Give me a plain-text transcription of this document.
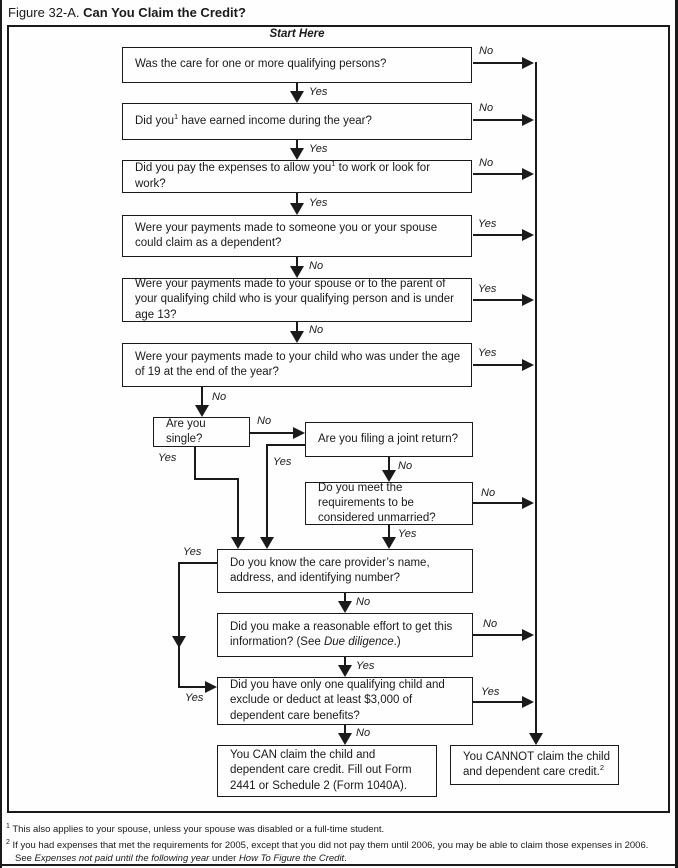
Figure 32-A. Can You Claim the Credit?
Start Here
Was the care for one or more qualifying persons?
Did you$^1$ have earned income during the year?
Did you pay the expenses to allow you$^1$ to work or look for work?
Were your payments made to someone you or your spouse could claim as a dependent?
Were your payments made to your spouse or to the parent of your qualifying child who is your qualifying person and is under age 13?
Were your payments made to your child who was under the age of 19 at the end of the year?
Are you single?	Are you filing a joint return?
Do you meet the requirements to be considered unmarried?
Do you know the care provider’s name, address, and identifying number?
Did you make a reasonable effort to get this information? (See Due diligence.)
Did you have only one qualifying child and exclude or deduct at least $3,000 of dependent care benefits?
You CAN claim the child and dependent care credit. Fill out Form 2441 or Schedule 2 (Form 1040A).
You CANNOT claim the child and dependent care credit.$^2$
No
Yes
No
Yes
No
Yes
Yes
No
Yes
No
Yes
No
No
Yes	Yes	No
No
Yes
Yes
No
No
Yes
Yes
Yes
No

$^1$ This also applies to your spouse, unless your spouse was disabled or a full-time student.

$^2$ If you had expenses that met the requirements for 2005, except that you did not pay them until 2006, you may be able to claim those expenses in 2006.

See Expenses not paid until the following year under How To Figure the Credit.
